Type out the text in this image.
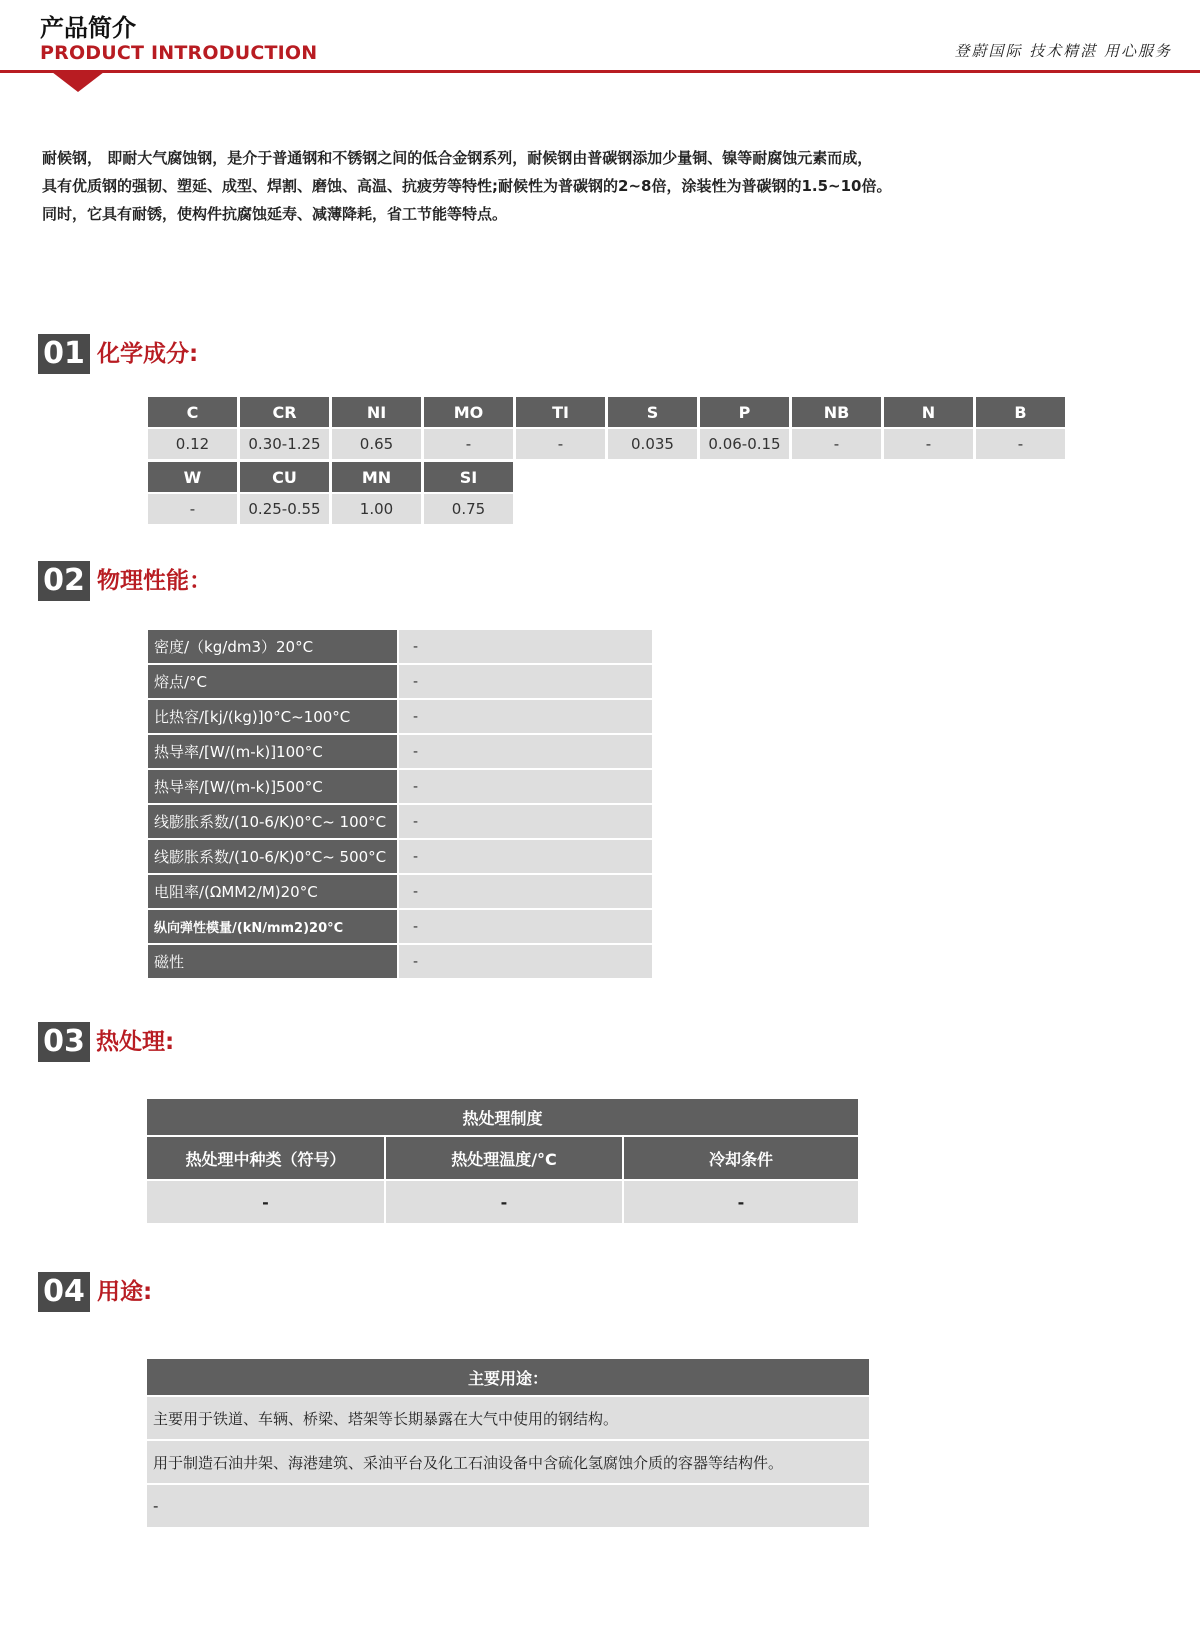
产品简介
PRODUCT INTRODUCTION	登蔚国际 技术精湛 用心服务

耐候钢， 即耐大气腐蚀钢，是介于普通钢和不锈钢之间的低合金钢系列，耐候钢由普碳钢添加少量铜、镍等耐腐蚀元素而成，

具有优质钢的强韧、塑延、成型、焊割、磨蚀、高温、抗疲劳等特性;耐候性为普碳钢的2~8倍，涂装性为普碳钢的1.5~10倍。

同时，它具有耐锈，使构件抗腐蚀延寿、减薄降耗，省工节能等特点。

01 化学成分:
C	CR	NI	MO	TI	S	P	NB	N	B
0.12	0.30-1.25	0.65	-	-	0.035	0.06-0.15	-	-	-
W	CU	MN	SI
-	0.25-0.55	1.00	0.75
02 物理性能：
密度/（kg/dm3）20°C	-
熔点/°C	-
比热容/[kj/(kg)]0°C~100°C	-
热导率/[W/(m-k)]100°C	-
热导率/[W/(m-k)]500°C	-
线膨胀系数/(10-6/K)0°C~ 100°C	-
线膨胀系数/(10-6/K)0°C~ 500°C	-
电阻率/(ΩMM2/M)20°C	-
纵向弹性模量/(kN/mm2)20°C	-
磁性	-
03 热处理:
热处理制度
热处理中种类（符号）	热处理温度/°C	冷却条件
-	-	-
04 用途:
主要用途：
主要用于铁道、车辆、桥梁、塔架等长期暴露在大气中使用的钢结构。
用于制造石油井架、海港建筑、采油平台及化工石油设备中含硫化氢腐蚀介质的容器等结构件。
-
